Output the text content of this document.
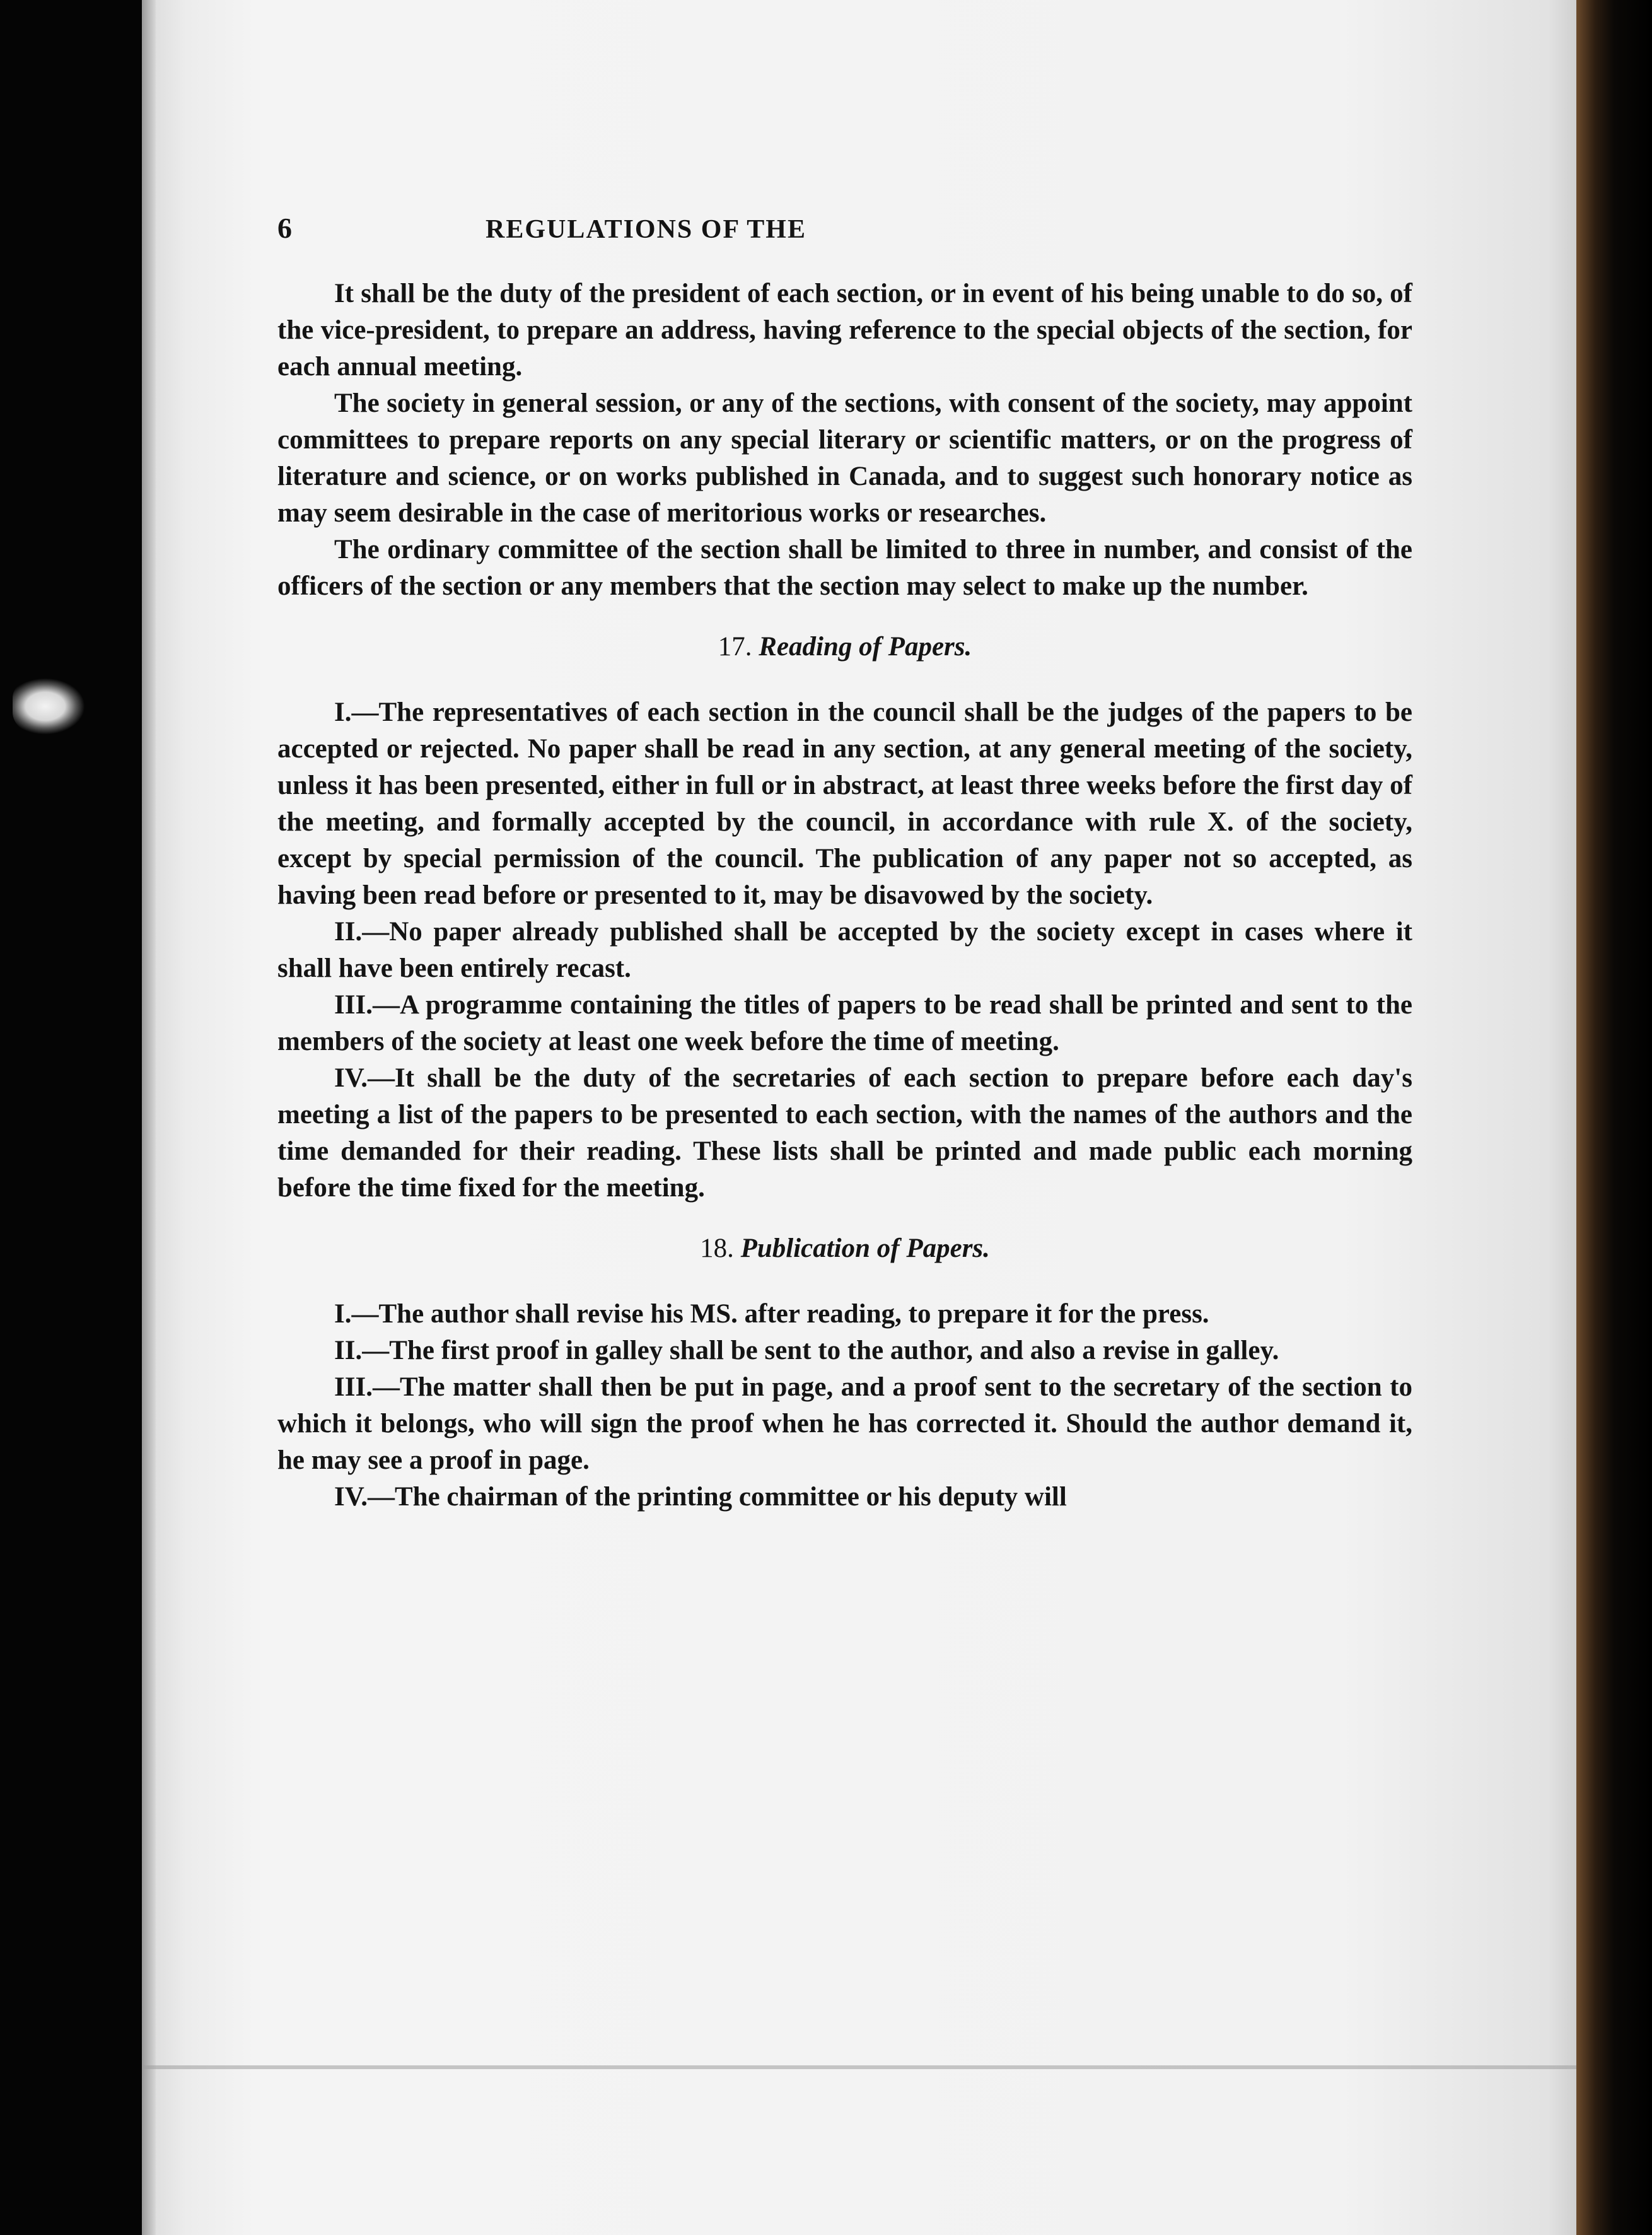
6	REGULATIONS OF THE

It shall be the duty of the president of each section, or in event of his being unable to do so, of the vice-president, to prepare an address, having reference to the special objects of the section, for each annual meeting.

The society in general session, or any of the sections, with consent of the society, may appoint committees to prepare reports on any special literary or scientific matters, or on the progress of literature and science, or on works published in Canada, and to suggest such honorary notice as may seem desirable in the case of meritorious works or researches.

The ordinary committee of the section shall be limited to three in number, and consist of the officers of the section or any members that the section may select to make up the number.

17. Reading of Papers.

I.—The representatives of each section in the council shall be the judges of the papers to be accepted or rejected. No paper shall be read in any section, at any general meeting of the society, unless it has been presented, either in full or in abstract, at least three weeks before the first day of the meeting, and formally accepted by the council, in accordance with rule X. of the society, except by special permission of the council. The publication of any paper not so accepted, as having been read before or presented to it, may be disavowed by the society.

II.—No paper already published shall be accepted by the society except in cases where it shall have been entirely recast.

III.—A programme containing the titles of papers to be read shall be printed and sent to the members of the society at least one week before the time of meeting.

IV.—It shall be the duty of the secretaries of each section to prepare before each day's meeting a list of the papers to be presented to each section, with the names of the authors and the time demanded for their reading. These lists shall be printed and made public each morning before the time fixed for the meeting.

18. Publication of Papers.

I.—The author shall revise his MS. after reading, to prepare it for the press.

II.—The first proof in galley shall be sent to the author, and also a revise in galley.

III.—The matter shall then be put in page, and a proof sent to the secretary of the section to which it belongs, who will sign the proof when he has corrected it. Should the author demand it, he may see a proof in page.

IV.—The chairman of the printing committee or his deputy will
